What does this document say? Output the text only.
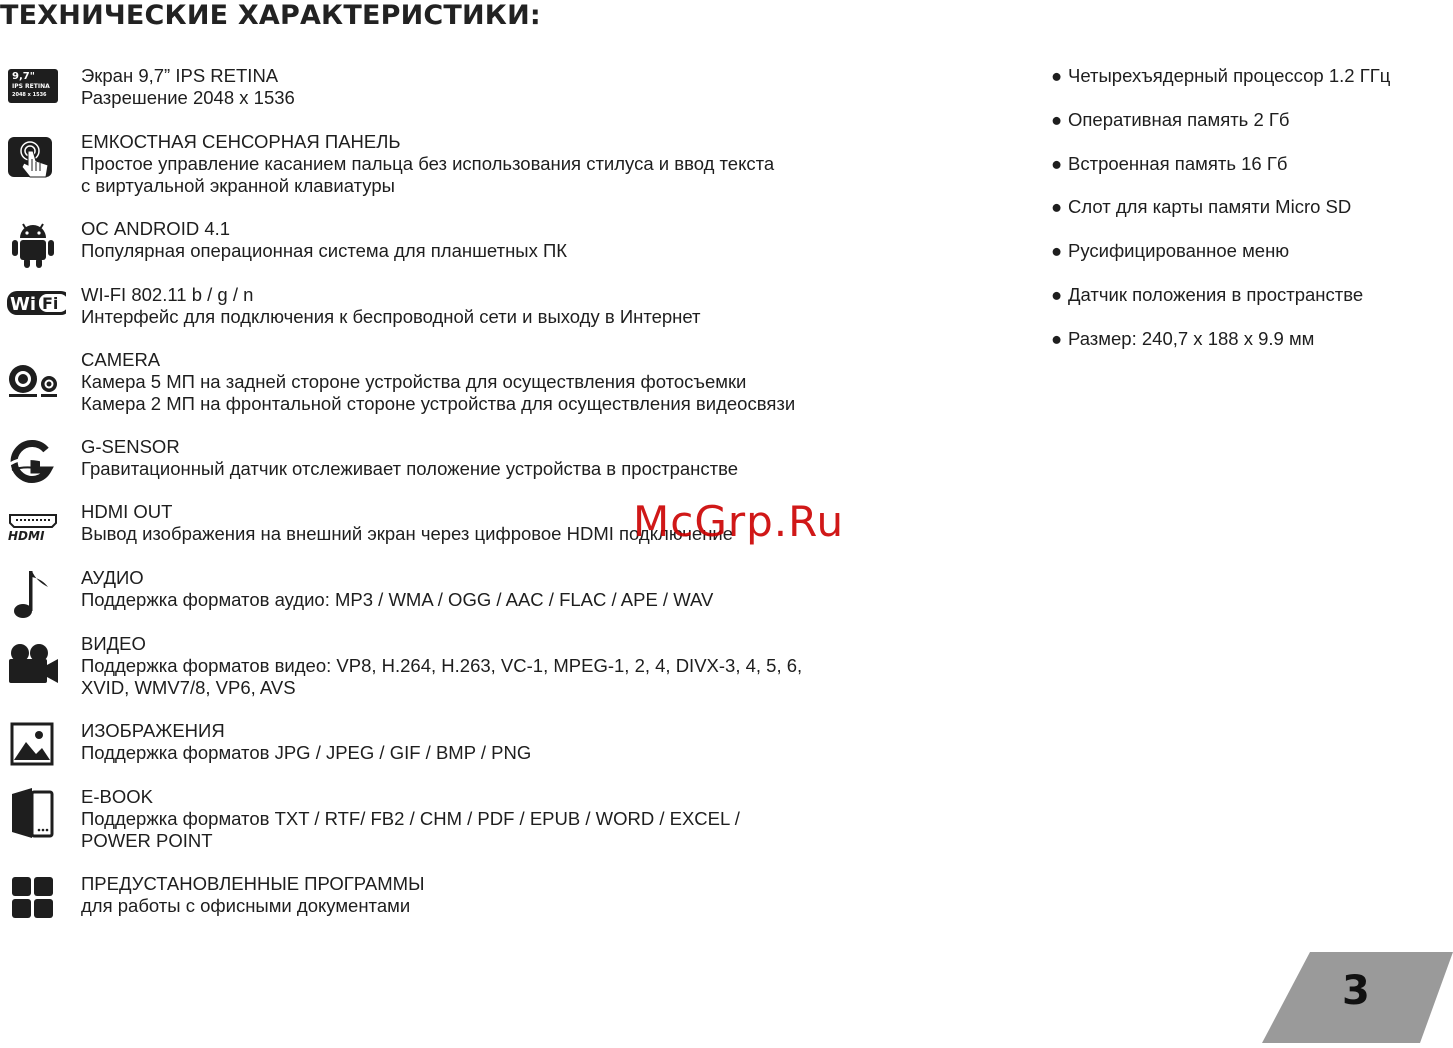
ТЕХНИЧЕСКИЕ ХАРАКТЕРИСТИКИ:
9,7"
IPS RETINA
2048 x 1536
Экран 9,7” IPS RETINA
Разрешение 2048 x 1536
ЕМКОСТНАЯ СЕНСОРНАЯ ПАНЕЛЬ
Простое управление касанием пальца без использования стилуса и ввод текста
с виртуальной экранной клавиатуры
ОС ANDROID 4.1
Популярная операционная система для планшетных ПК
Wi Fi WI-FI 802.11 b / g / n
Интерфейс для подключения к беспроводной сети и выходу в Интернет
CAMERA
Камера 5 МП на задней стороне устройства для осуществления фотосъемки
Камера 2 МП на фронтальной стороне устройства для осуществления видеосвязи
G-SENSOR
Гравитационный датчик отслеживает положение устройства в пространстве
HDMI
HDMI OUT
Вывод изображения на внешний экран через цифровое HDMI подключение
АУДИО
Поддержка форматов аудио: MP3 / WMA / OGG / AAC / FLAC / APE / WAV
ВИДЕО
Поддержка форматов видео: VP8, H.264, H.263, VC-1, MPEG-1, 2, 4, DIVX-3, 4, 5, 6,
XVID, WMV7/8, VP6, AVS
ИЗОБРАЖЕНИЯ
Поддержка форматов JPG / JPEG / GIF / BMP / PNG
E-BOOK
Поддержка форматов TXT / RTF/ FB2 / CHM / PDF / EPUB / WORD / EXCEL /
POWER POINT
ПРЕДУСТАНОВЛЕННЫЕ ПРОГРАММЫ
для работы с офисными документами
● Четырехъядерный процессор 1.2 ГГц
● Оперативная память 2 Гб
● Встроенная память 16 Гб
● Слот для карты памяти Micro SD
● Русифицированное меню
● Датчик положения в пространстве
● Размер: 240,7 x 188 x 9.9 мм
McGrp.Ru
3
